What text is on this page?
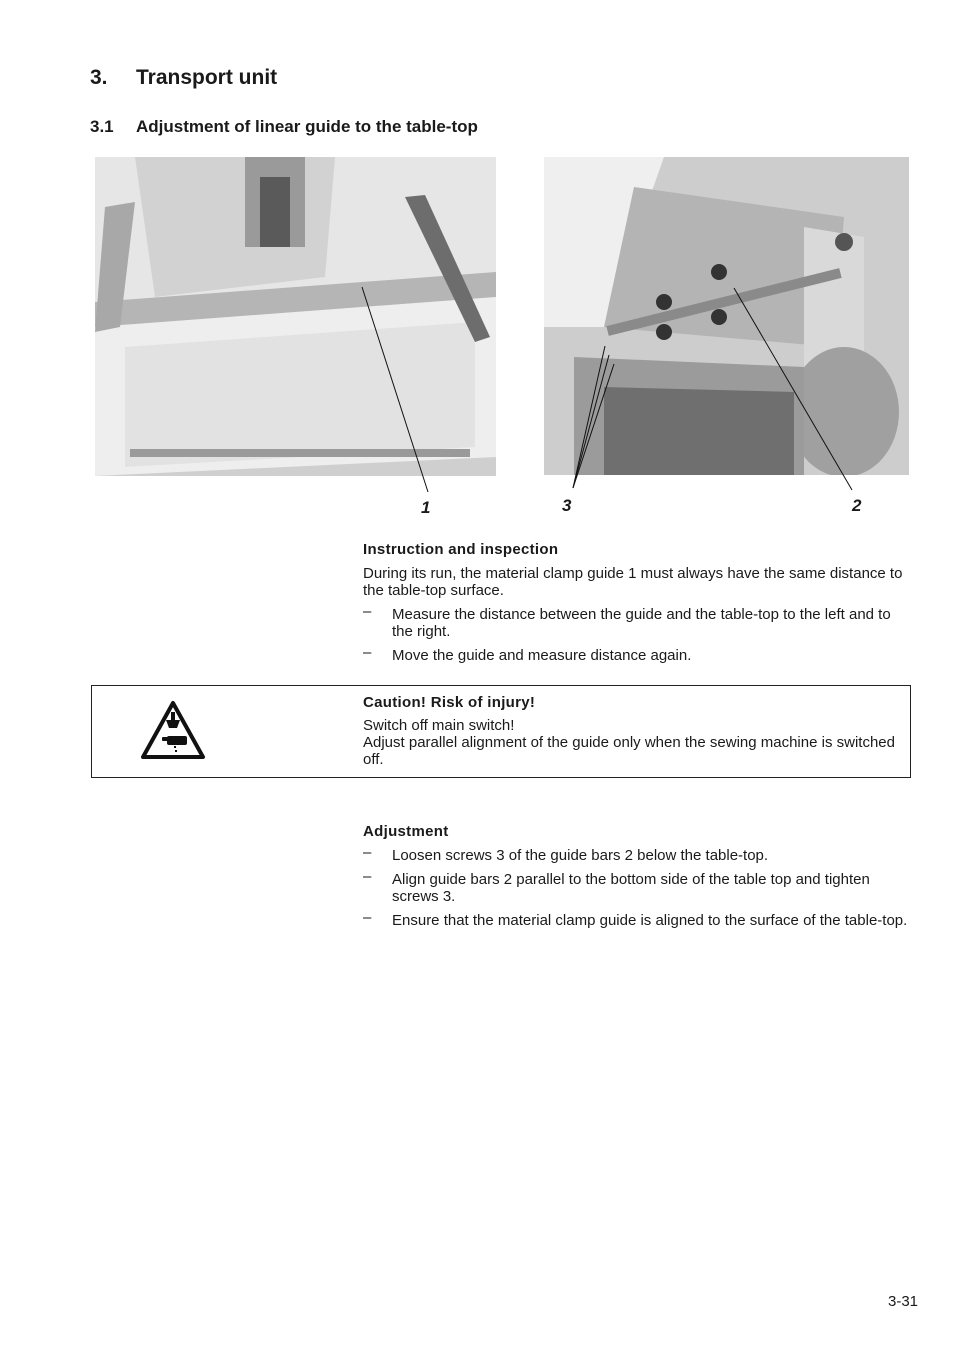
3. Transport unit
3.1 Adjustment of linear guide to the table-top
1	3	2
Instruction and inspection

During its run, the material clamp guide 1 must always have the same distance to the table-top surface.

– Measure the distance between the guide and the table-top to the left and to the right.
– Move the guide and measure distance again.
Caution! Risk of injury!

Switch off main switch!

Adjust parallel alignment of the guide only when the sewing machine is switched off.

Adjustment
– Loosen screws 3 of the guide bars 2 below the table-top.
– Align guide bars 2 parallel to the bottom side of the table top and tighten screws 3.
– Ensure that the material clamp guide is aligned to the surface of the table-top.
3-31
